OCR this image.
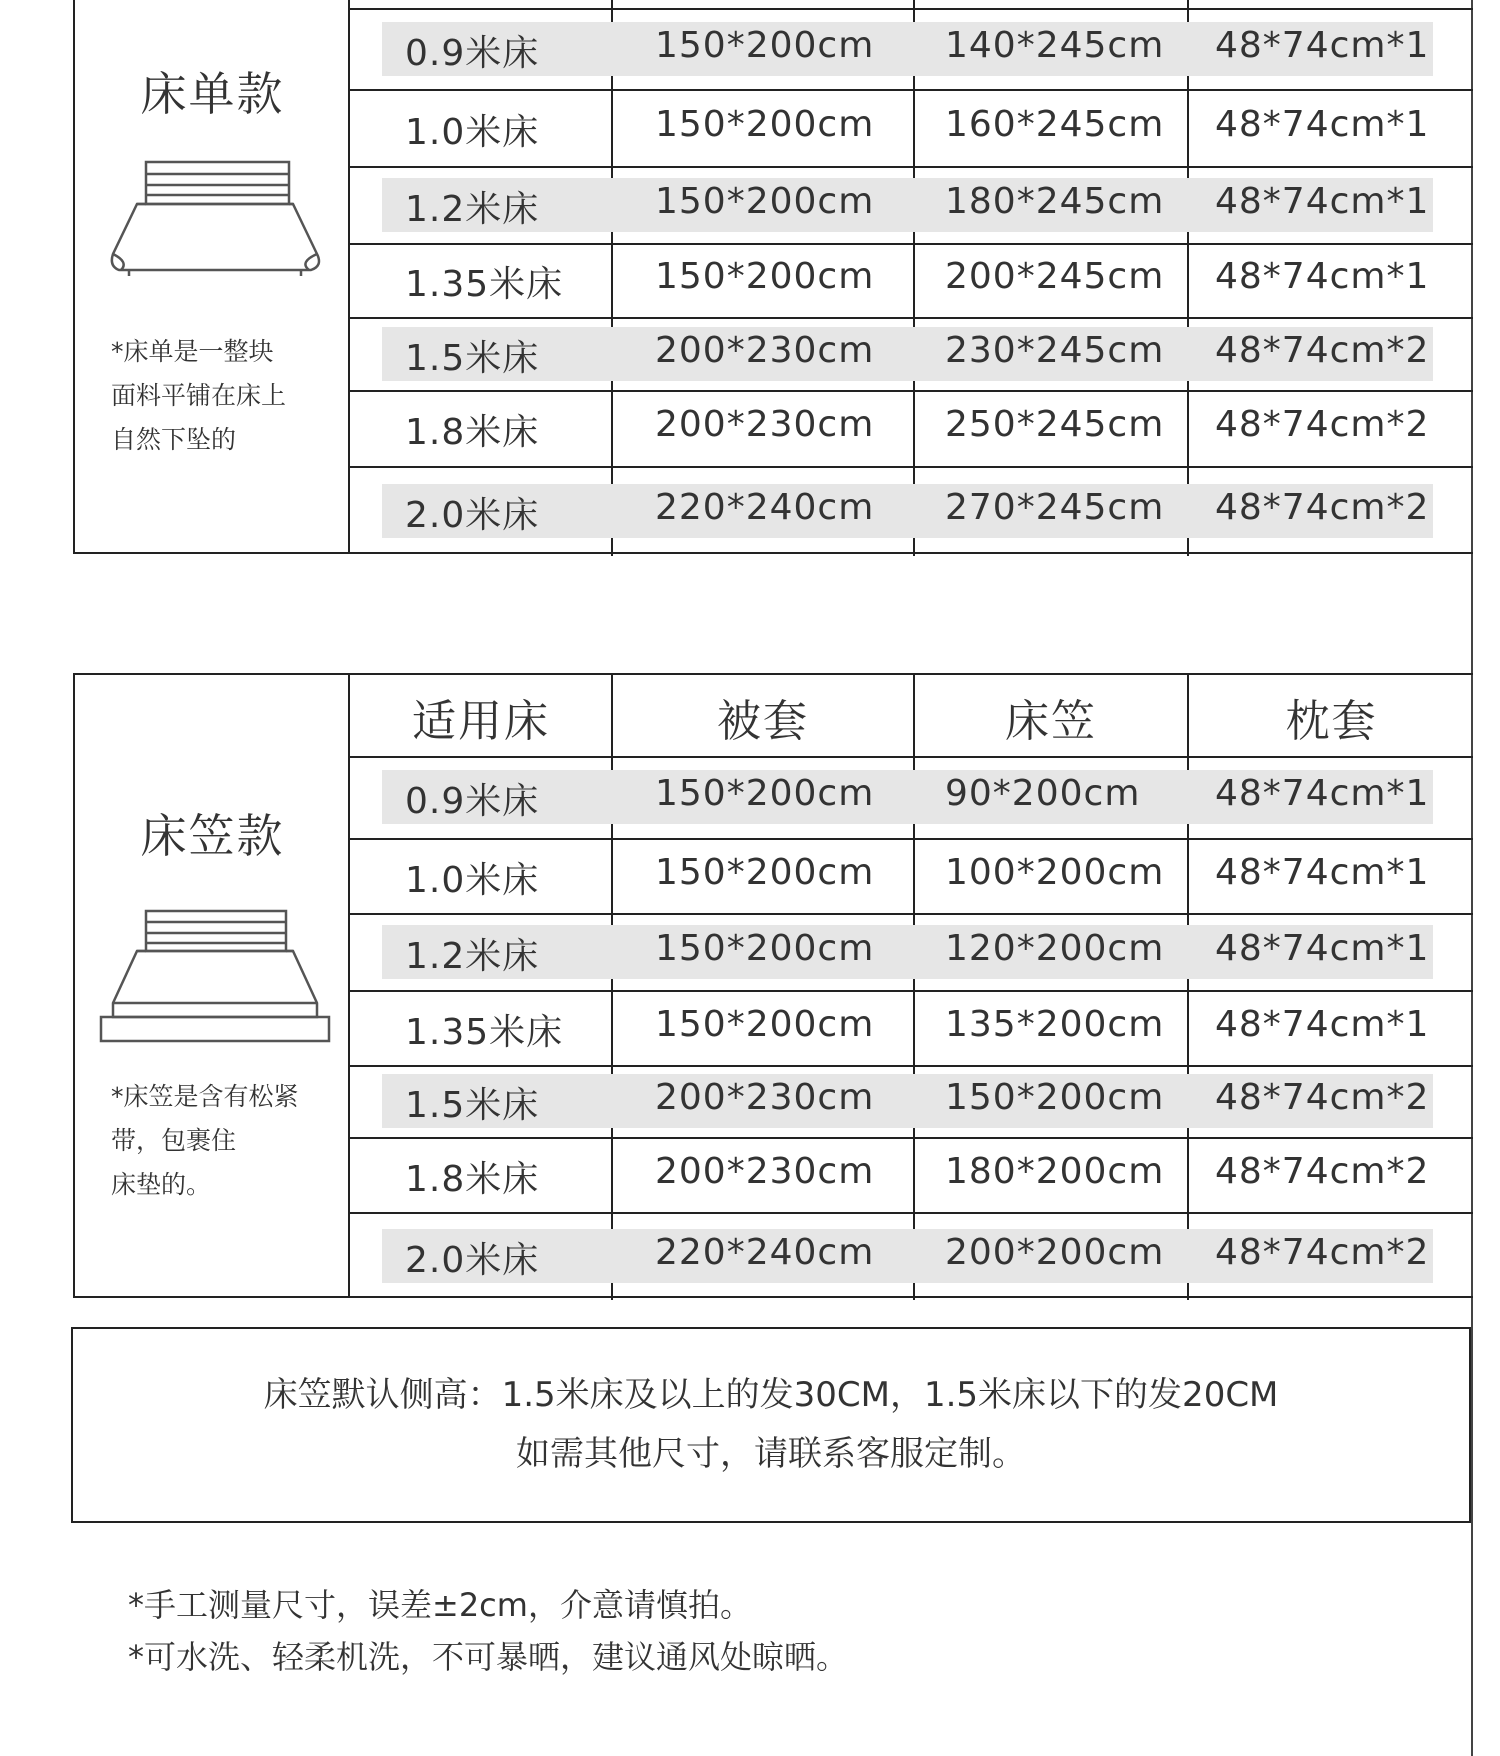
床单款
*床单是一整块
面料平铺在床上
自然下坠的
0.9米床	150*200cm 140*245cm 48*74cm*1
1.0米床	150*200cm 160*245cm 48*74cm*1
1.2米床	150*200cm 180*245cm 48*74cm*1
1.35米床	150*200cm 200*245cm 48*74cm*1
1.5米床	200*230cm 230*245cm 48*74cm*2
1.8米床	200*230cm 250*245cm 48*74cm*2
2.0米床	220*240cm 270*245cm 48*74cm*2
床笠款
*床笠是含有松紧
带，包裹住
床垫的。
适用床	被套	床笠	枕套
0.9米床	150*200cm 90*200cm 48*74cm*1
1.0米床	150*200cm 100*200cm 48*74cm*1
1.2米床	150*200cm 120*200cm 48*74cm*1
1.35米床	150*200cm 135*200cm 48*74cm*1
1.5米床	200*230cm 150*200cm 48*74cm*2
1.8米床	200*230cm 180*200cm 48*74cm*2
2.0米床	220*240cm 200*200cm 48*74cm*2
床笠默认侧高：1.5米床及以上的发30CM，1.5米床以下的发20CM
如需其他尺寸，请联系客服定制。
*手工测量尺寸，误差±2cm，介意请慎拍。
*可水洗、轻柔机洗，不可暴晒，建议通风处晾晒。
